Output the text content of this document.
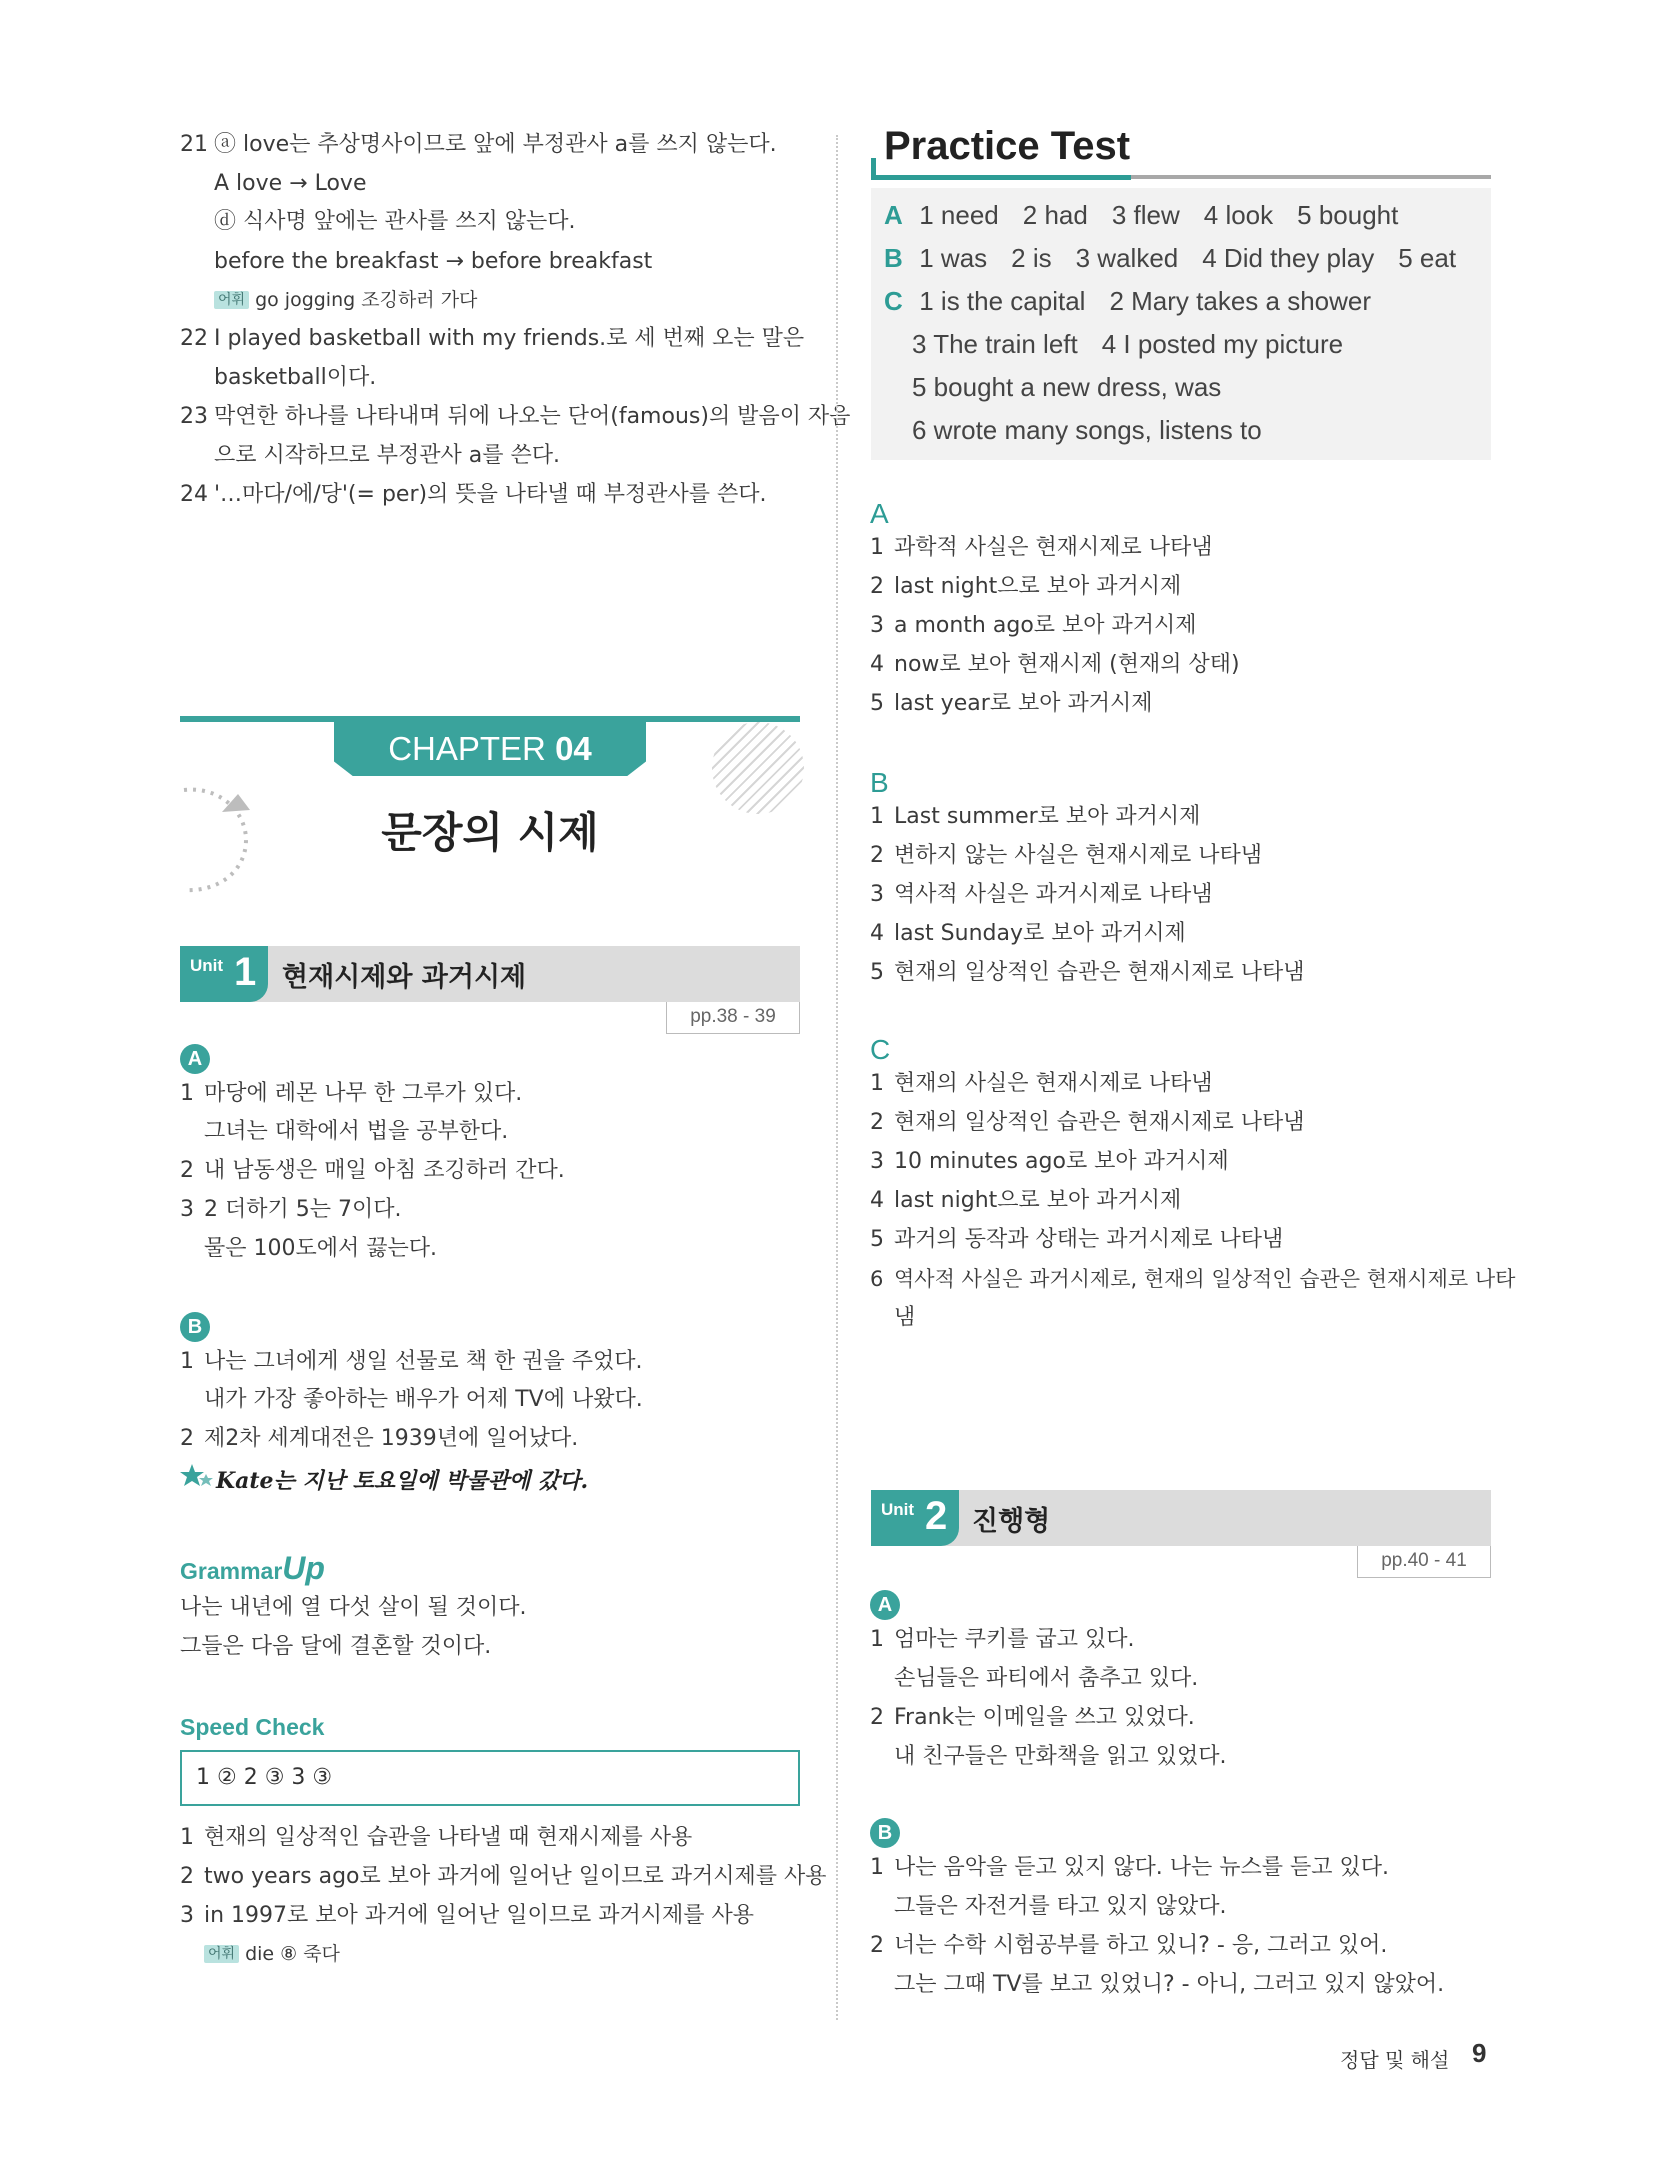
21 ⓐ love는 추상명사이므로 앞에 부정관사 a를 쓰지 않는다.
A love → Love
ⓓ 식사명 앞에는 관사를 쓰지 않는다.
before the breakfast → before breakfast
어휘 go jogging 조깅하러 가다
22 I played basketball with my friends.로 세 번째 오는 말은
basketball이다.
23 막연한 하나를 나타내며 뒤에 나오는 단어(famous)의 발음이 자음
으로 시작하므로 부정관사 a를 쓴다.
24 '…마다/에/당'(= per)의 뜻을 나타낼 때 부정관사를 쓴다.
CHAPTER 04
문장의 시제
Unit 1 현재시제와 과거시제
pp.38 - 39
A
1 마당에 레몬 나무 한 그루가 있다.
그녀는 대학에서 법을 공부한다.
2 내 남동생은 매일 아침 조깅하러 간다.
3 2 더하기 5는 7이다.
물은 100도에서 끓는다.
B
1 나는 그녀에게 생일 선물로 책 한 권을 주었다.
내가 가장 좋아하는 배우가 어제 TV에 나왔다.
2 제2차 세계대전은 1939년에 일어났다.
Kate는 지난 토요일에 박물관에 갔다.
GrammarUp
나는 내년에 열 다섯 살이 될 것이다.
그들은 다음 달에 결혼할 것이다.
Speed Check
1 ② 2 ③ 3 ③
1 현재의 일상적인 습관을 나타낼 때 현재시제를 사용
2 two years ago로 보아 과거에 일어난 일이므로 과거시제를 사용
3 in 1997로 보아 과거에 일어난 일이므로 과거시제를 사용
어휘 die ⑧ 죽다
Practice Test
A 1 need 2 had 3 flew 4 look 5 bought
B 1 was 2 is 3 walked 4 Did they play 5 eat
C 1 is the capital 2 Mary takes a shower
3 The train left 4 I posted my picture
5 bought a new dress, was
6 wrote many songs, listens to
A
1 과학적 사실은 현재시제로 나타냄
2 last night으로 보아 과거시제
3 a month ago로 보아 과거시제
4 now로 보아 현재시제 (현재의 상태)
5 last year로 보아 과거시제
B
1 Last summer로 보아 과거시제
2 변하지 않는 사실은 현재시제로 나타냄
3 역사적 사실은 과거시제로 나타냄
4 last Sunday로 보아 과거시제
5 현재의 일상적인 습관은 현재시제로 나타냄
C
1 현재의 사실은 현재시제로 나타냄
2 현재의 일상적인 습관은 현재시제로 나타냄
3 10 minutes ago로 보아 과거시제
4 last night으로 보아 과거시제
5 과거의 동작과 상태는 과거시제로 나타냄
6 역사적 사실은 과거시제로, 현재의 일상적인 습관은 현재시제로 나타
냄
Unit 2 진행형
pp.40 - 41
A
1 엄마는 쿠키를 굽고 있다.
손님들은 파티에서 춤추고 있다.
2 Frank는 이메일을 쓰고 있었다.
내 친구들은 만화책을 읽고 있었다.
B
1 나는 음악을 듣고 있지 않다. 나는 뉴스를 듣고 있다.
그들은 자전거를 타고 있지 않았다.
2 너는 수학 시험공부를 하고 있니? - 응, 그러고 있어.
그는 그때 TV를 보고 있었니? - 아니, 그러고 있지 않았어.
정답 및 해설 9
